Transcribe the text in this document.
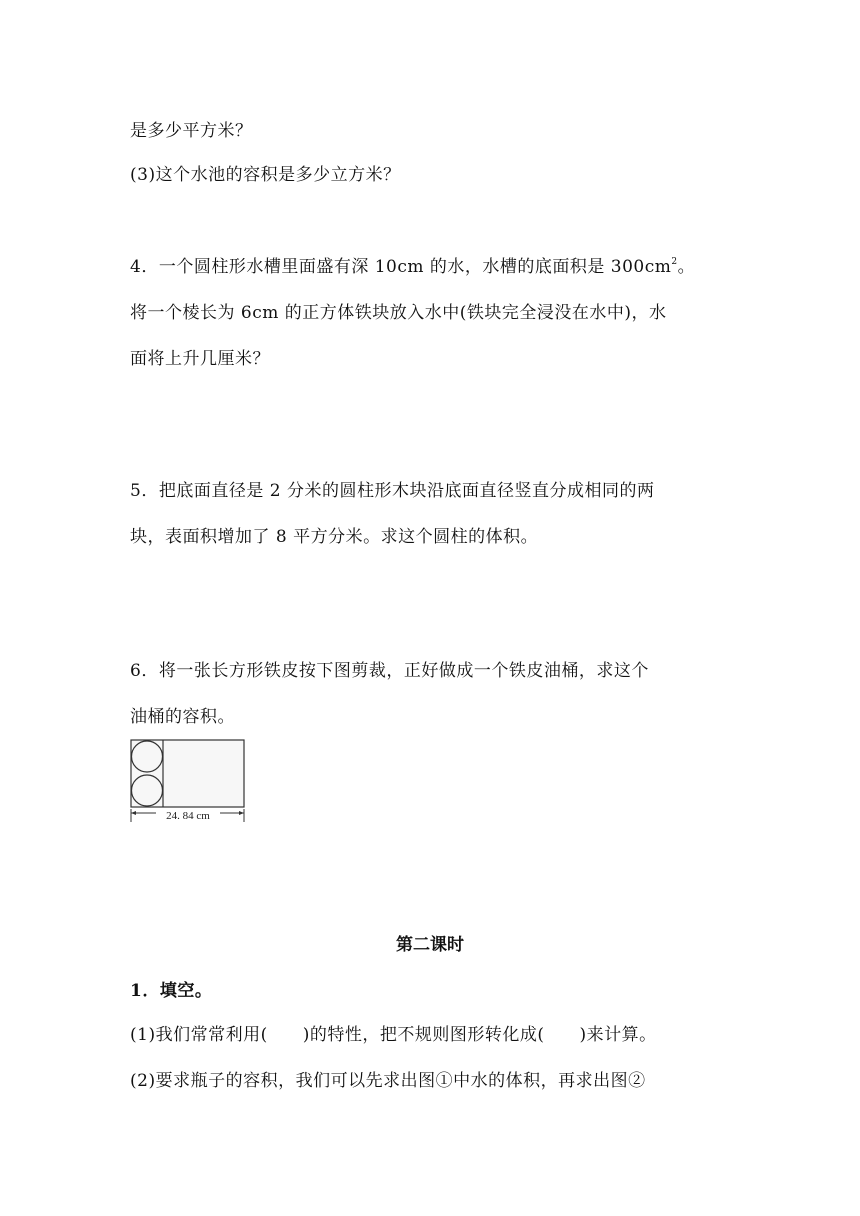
是多少平方米？
(3)这个水池的容积是多少立方米？
4．一个圆柱形水槽里面盛有深 10cm 的水，水槽的底面积是 $300cm^2$。
将一个棱长为 6cm 的正方体铁块放入水中(铁块完全浸没在水中)，水
面将上升几厘米？
5．把底面直径是 2 分米的圆柱形木块沿底面直径竖直分成相同的两
块，表面积增加了 8 平方分米。求这个圆柱的体积。
6．将一张长方形铁皮按下图剪裁，正好做成一个铁皮油桶，求这个
油桶的容积。
24. 84 cm
第二课时
1．填空。
(1)我们常常利用(　　)的特性，把不规则图形转化成(　　)来计算。
(2)要求瓶子的容积，我们可以先求出图①中水的体积，再求出图②
